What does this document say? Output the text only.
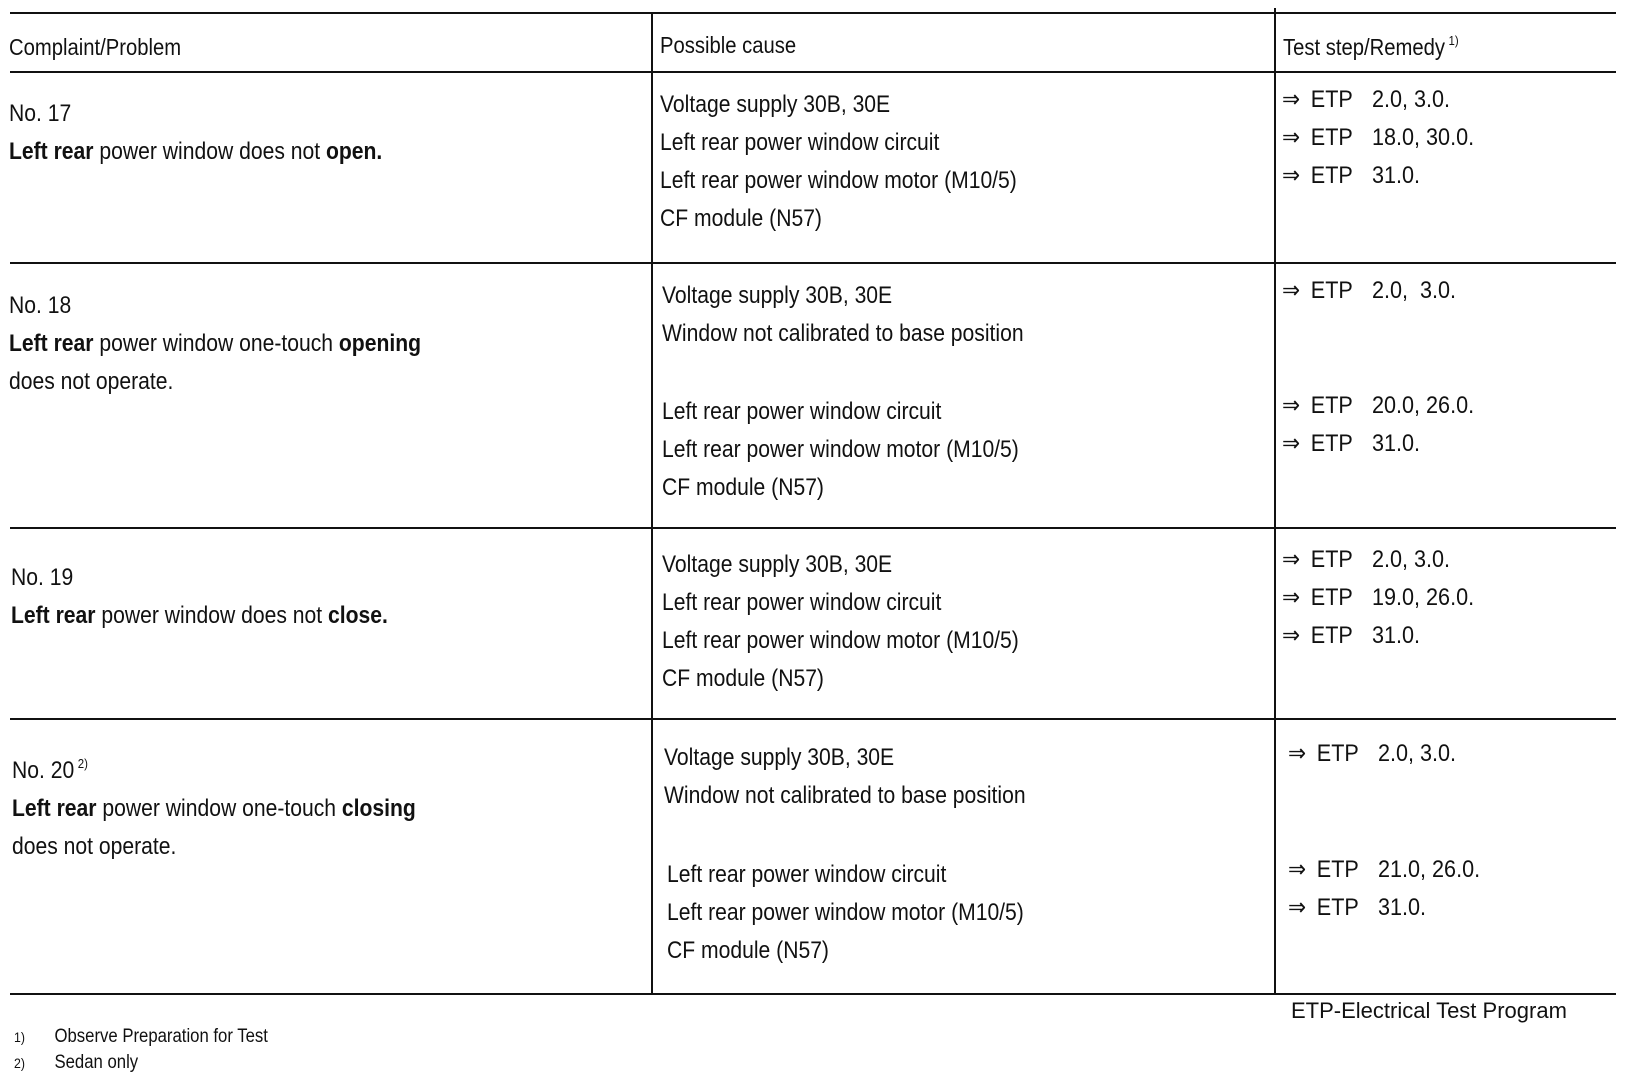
Complaint/Problem	Possible cause	Test step/Remedy $^{1)}$
No. 17
Left rear power window does not open.
Voltage supply 30B, 30E
Left rear power window circuit
Left rear power window motor (M10/5)
CF module (N57)
⇒ ETP 2.0, 3.0.
⇒ ETP 18.0, 30.0.
⇒ ETP 31.0.
No. 18
Left rear power window one-touch opening
does not operate.
Voltage supply 30B, 30E
Window not calibrated to base position
Left rear power window circuit
Left rear power window motor (M10/5)
CF module (N57)
⇒ ETP 2.0,  3.0.
⇒ ETP 20.0, 26.0.
⇒ ETP 31.0.
No. 19
Left rear power window does not close.
Voltage supply 30B, 30E
Left rear power window circuit
Left rear power window motor (M10/5)
CF module (N57)
⇒ ETP 2.0, 3.0.
⇒ ETP 19.0, 26.0.
⇒ ETP 31.0.
No. 20 $^{2)}$
Left rear power window one-touch closing
does not operate.
Voltage supply 30B, 30E
Window not calibrated to base position
Left rear power window circuit
Left rear power window motor (M10/5)
CF module (N57)
⇒ ETP 2.0, 3.0.
⇒ ETP 21.0, 26.0.
⇒ ETP 31.0.
ETP-Electrical Test Program
1) Observe Preparation for Test
2) Sedan only
